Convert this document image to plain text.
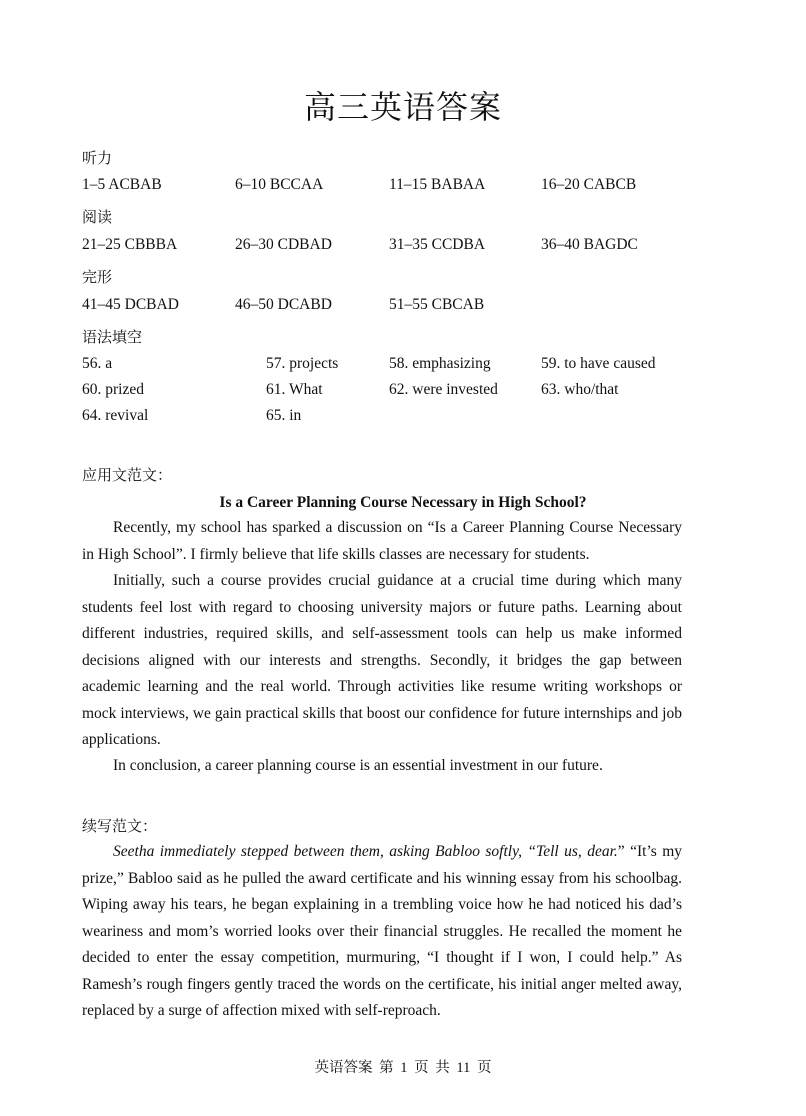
高三英语答案
听力
1–5 ACBAB	6–10 BCCAA	11–15 BABAA	16–20 CABCB
阅读
21–25 CBBBA	26–30 CDBAD	31–35 CCDBA	36–40 BAGDC
完形
41–45 DCBAD	46–50 DCABD	51–55 CBCAB
语法填空
56. a	57. projects	58. emphasizing	59. to have caused
60. prized	61. What	62. were invested	63. who/that
64. revival	65. in
应用文范文：
Is a Career Planning Course Necessary in High School?

Recently, my school has sparked a discussion on “Is a Career Planning Course Necessary in High School”. I firmly believe that life skills classes are necessary for students.

Initially, such a course provides crucial guidance at a crucial time during which many students feel lost with regard to choosing university majors or future paths. Learning about different industries, required skills, and self-assessment tools can help us make informed decisions aligned with our interests and strengths. Secondly, it bridges the gap between academic learning and the real world. Through activities like resume writing workshops or mock interviews, we gain practical skills that boost our confidence for future internships and job applications.

In conclusion, a career planning course is an essential investment in our future.

续写范文：

Seetha immediately stepped between them, asking Babloo softly, “Tell us, dear.” “It’s my prize,” Babloo said as he pulled the award certificate and his winning essay from his schoolbag. Wiping away his tears, he began explaining in a trembling voice how he had noticed his dad’s weariness and mom’s worried looks over their financial struggles. He recalled the moment he decided to enter the essay competition, murmuring, “I thought if I won, I could help.” As Ramesh’s rough fingers gently traced the words on the certificate, his initial anger melted away, replaced by a surge of affection mixed with self-reproach.

英语答案 第 1 页 共 11 页
